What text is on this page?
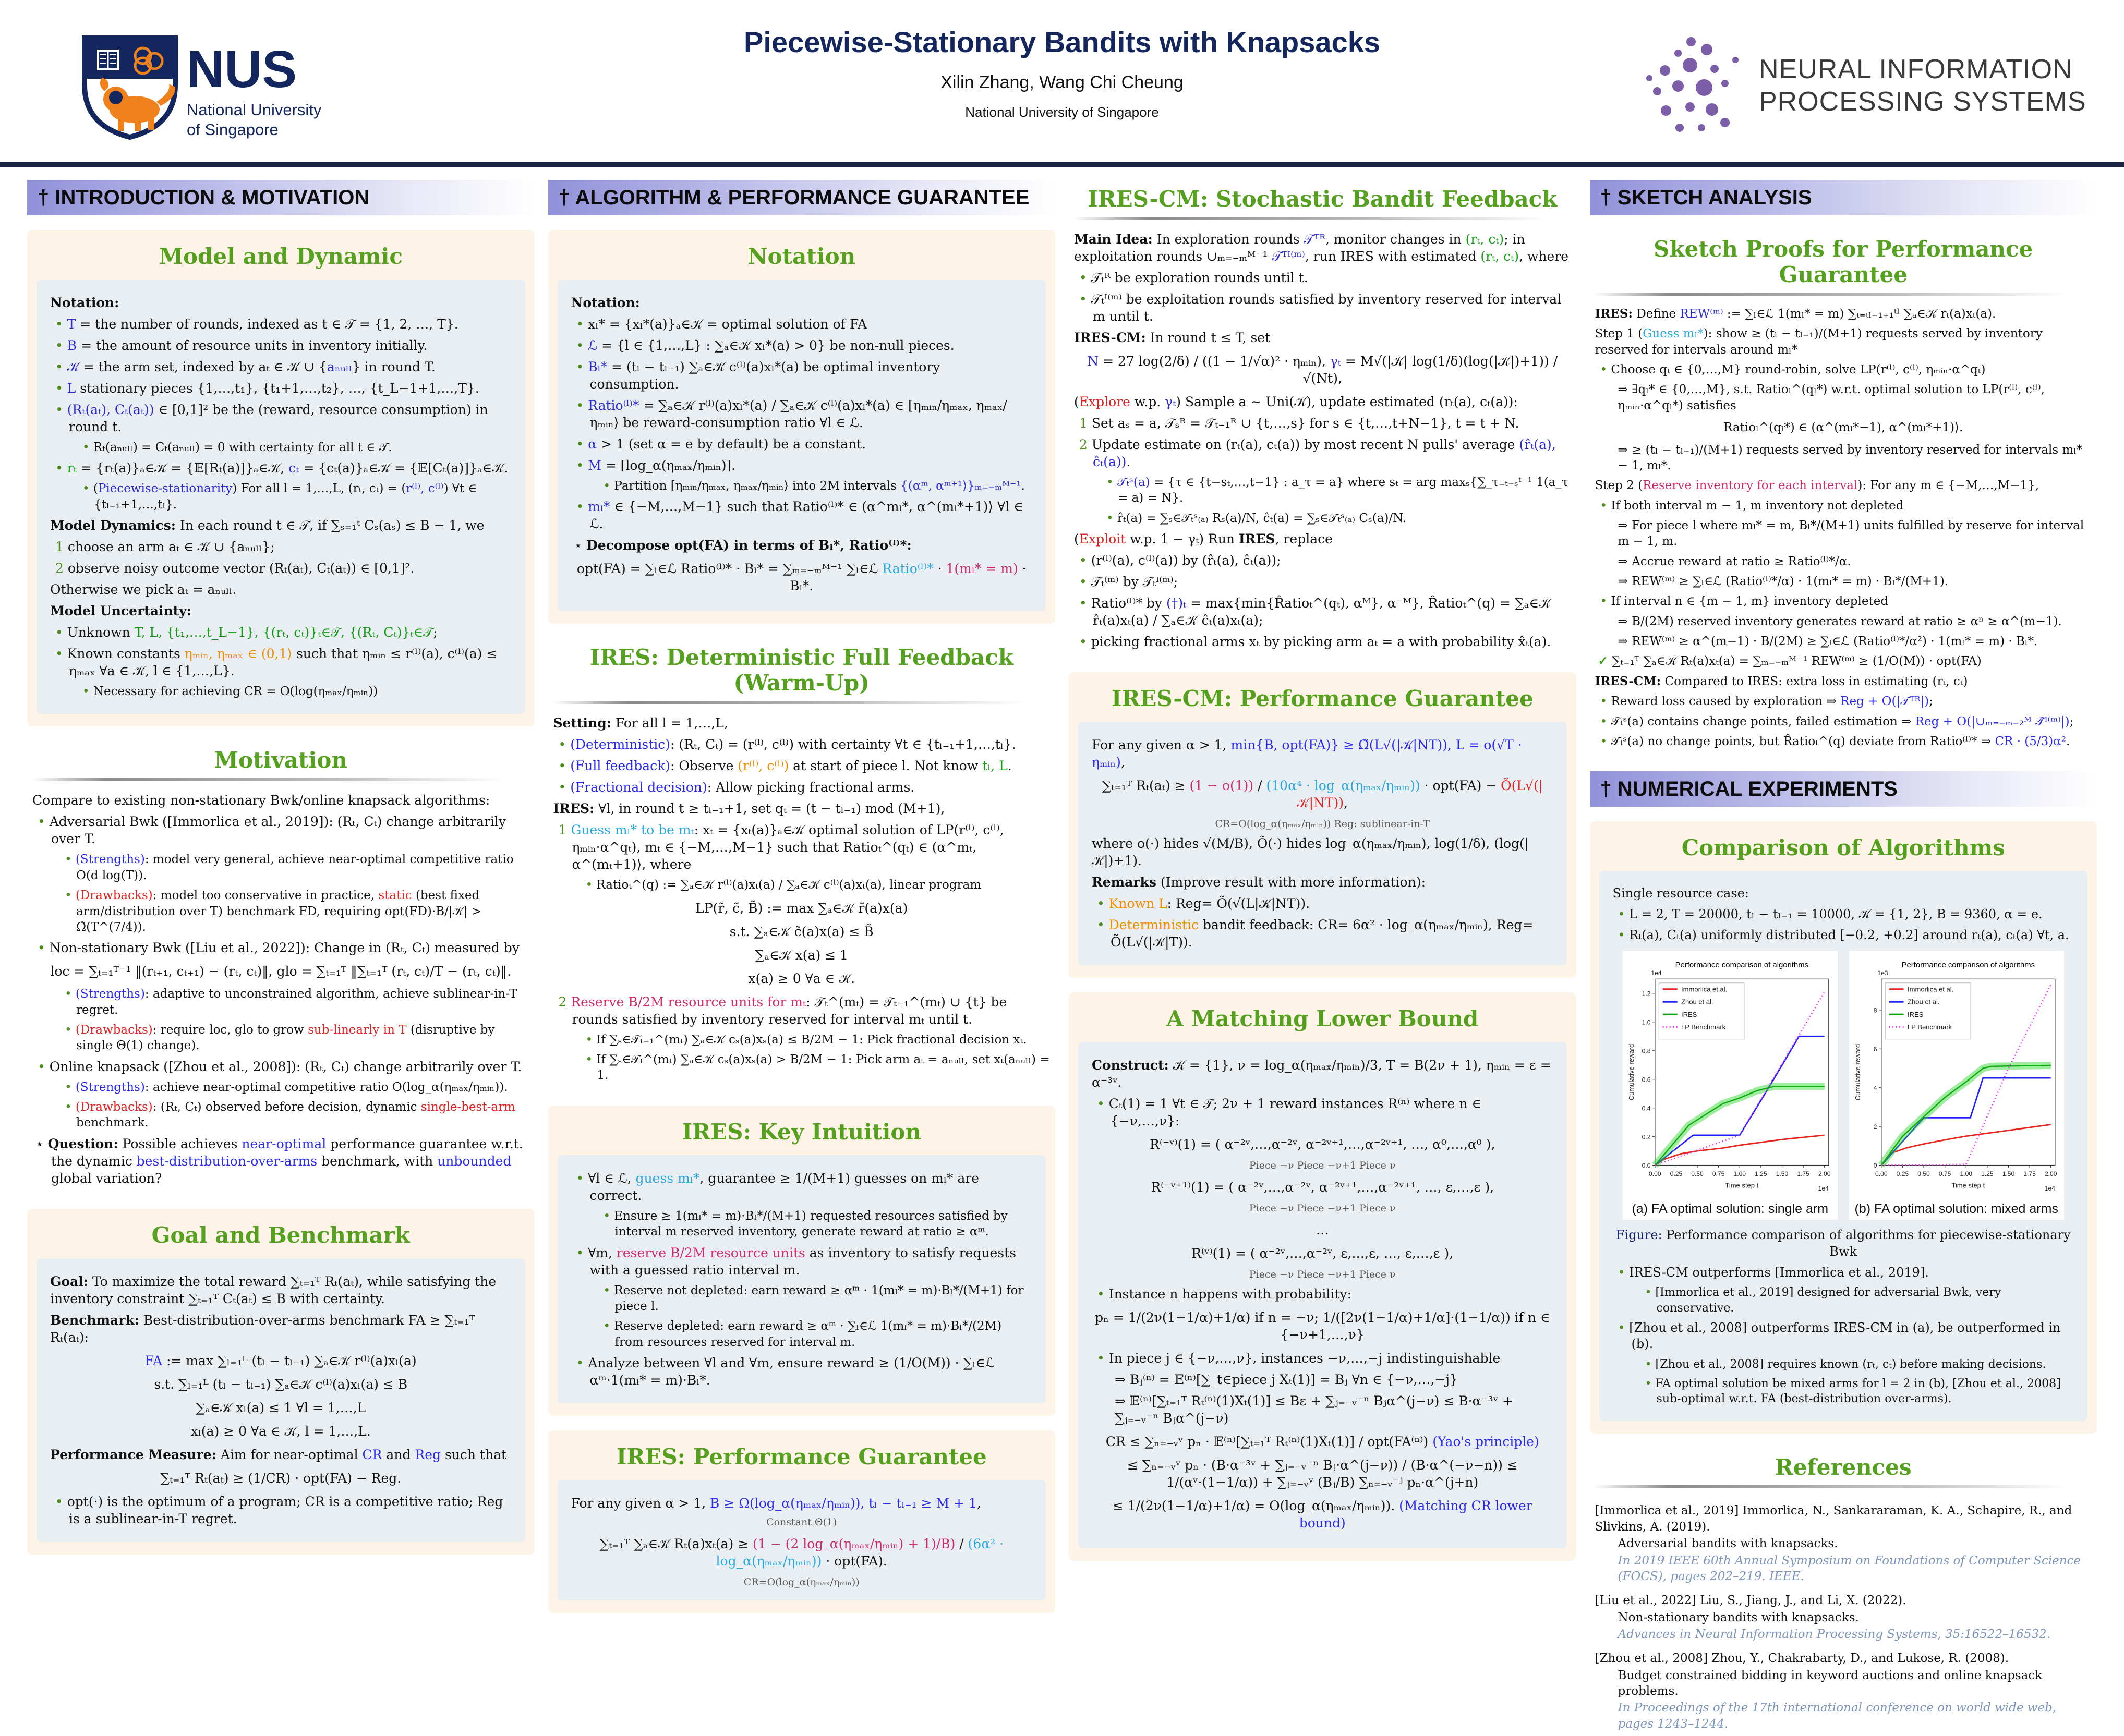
NUS
National University
of Singapore
Piecewise-Stationary Bandits with Knapsacks
Xilin Zhang, Wang Chi Cheung
National University of Singapore
NEURAL INFORMATION
PROCESSING SYSTEMS
† INTRODUCTION & MOTIVATION
Model and Dynamic
Notation:
• T = the number of rounds, indexed as t ∈ 𝒯 = {1, 2, …, T}.
• B = the amount of resource units in inventory initially.
• 𝒦 = the arm set, indexed by aₜ ∈ 𝒦 ∪ {aₙᵤₗₗ} in round T.
• L stationary pieces {1,…,t₁}, {t₁+1,…,t₂}, …, {t_L−1+1,…,T}.
• (Rₜ(aₜ), Cₜ(aₜ)) ∈ [0,1]² be the (reward, resource consumption) in round t.
• Rₜ(aₙᵤₗₗ) = Cₜ(aₙᵤₗₗ) = 0 with certainty for all t ∈ 𝒯.
• rₜ = {rₜ(a)}ₐ∈𝒦 = {𝔼[Rₜ(a)]}ₐ∈𝒦, cₜ = {cₜ(a)}ₐ∈𝒦 = {𝔼[Cₜ(a)]}ₐ∈𝒦.
• (Piecewise-stationarity) For all l = 1,…,L, (rₜ, cₜ) = (r⁽ˡ⁾, c⁽ˡ⁾) ∀t ∈ {tₗ₋₁+1,…,tₗ}.
Model Dynamics: In each round t ∈ 𝒯, if ∑ₛ₌₁ᵗ Cₛ(aₛ) ≤ B − 1, we
1 choose an arm aₜ ∈ 𝒦 ∪ {aₙᵤₗₗ};
2 observe noisy outcome vector (Rₜ(aₜ), Cₜ(aₜ)) ∈ [0,1]².
Otherwise we pick aₜ = aₙᵤₗₗ.
Model Uncertainty:
• Unknown T, L, {t₁,…,t_L−1}, {(rₜ, cₜ)}ₜ∈𝒯, {(Rₜ, Cₜ)}ₜ∈𝒯;
• Known constants ηₘᵢₙ, ηₘₐₓ ∈ (0,1⟩ such that ηₘᵢₙ ≤ r⁽ˡ⁾(a), c⁽ˡ⁾(a) ≤ ηₘₐₓ ∀a ∈ 𝒦, l ∈ {1,…,L}.
• Necessary for achieving CR = O(log(ηₘₐₓ/ηₘᵢₙ))
Motivation
Compare to existing non-stationary Bwk/online knapsack algorithms:
• Adversarial Bwk ([Immorlica et al., 2019]): (Rₜ, Cₜ) change arbitrarily over T.
• (Strengths): model very general, achieve near-optimal competitive ratio O(d log(T)).
• (Drawbacks): model too conservative in practice, static (best fixed arm/distribution over T) benchmark FD, requiring opt(FD)·B/|𝒦| > Ω̃(T^(7/4)).
• Non-stationary Bwk ([Liu et al., 2022]): Change in (Rₜ, Cₜ) measured by
loc = ∑ₜ₌₁ᵀ⁻¹ ‖(rₜ₊₁, cₜ₊₁) − (rₜ, cₜ)‖, glo = ∑ₜ₌₁ᵀ ‖∑ₜ₌₁ᵀ (rₜ, cₜ)/T − (rₜ, cₜ)‖.
• (Strengths): adaptive to unconstrained algorithm, achieve sublinear-in-T regret.
• (Drawbacks): require loc, glo to grow sub-linearly in T (disruptive by single Θ(1) change).
• Online knapsack ([Zhou et al., 2008]): (Rₜ, Cₜ) change arbitrarily over T.
• (Strengths): achieve near-optimal competitive ratio O(log_α(ηₘₐₓ/ηₘᵢₙ)).
• (Drawbacks): (Rₜ, Cₜ) observed before decision, dynamic single-best-arm benchmark.
⋆ Question: Possible achieves near-optimal performance guarantee w.r.t. the dynamic best-distribution-over-arms benchmark, with unbounded global variation?
Goal and Benchmark
Goal: To maximize the total reward ∑ₜ₌₁ᵀ Rₜ(aₜ), while satisfying the inventory constraint ∑ₜ₌₁ᵀ Cₜ(aₜ) ≤ B with certainty.
Benchmark: Best-distribution-over-arms benchmark FA ≥ ∑ₜ₌₁ᵀ Rₜ(aₜ):
FA := max ∑ₗ₌₁ᴸ (tₗ − tₗ₋₁) ∑ₐ∈𝒦 r⁽ˡ⁾(a)xₗ(a)
s.t. ∑ₗ₌₁ᴸ (tₗ − tₗ₋₁) ∑ₐ∈𝒦 c⁽ˡ⁾(a)xₗ(a) ≤ B
∑ₐ∈𝒦 xₗ(a) ≤ 1 ∀l = 1,…,L
xₗ(a) ≥ 0 ∀a ∈ 𝒦, l = 1,…,L.
Performance Measure: Aim for near-optimal CR and Reg such that
∑ₜ₌₁ᵀ Rₜ(aₜ) ≥ (1/CR) · opt(FA) − Reg.
• opt(·) is the optimum of a program; CR is a competitive ratio; Reg is a sublinear-in-T regret.
† ALGORITHM & PERFORMANCE GUARANTEE
Notation
Notation:
• xₗ* = {xₗ*(a)}ₐ∈𝒦 = optimal solution of FA
• ℒ = {l ∈ {1,…,L} : ∑ₐ∈𝒦 xₗ*(a) > 0} be non-null pieces.
• Bₗ* = (tₗ − tₗ₋₁) ∑ₐ∈𝒦 c⁽ˡ⁾(a)xₗ*(a) be optimal inventory consumption.
• Ratio⁽ˡ⁾* = ∑ₐ∈𝒦 r⁽ˡ⁾(a)xₗ*(a) / ∑ₐ∈𝒦 c⁽ˡ⁾(a)xₗ*(a) ∈ [ηₘᵢₙ/ηₘₐₓ, ηₘₐₓ/ηₘᵢₙ⟩ be reward-consumption ratio ∀l ∈ ℒ.
• α > 1 (set α = e by default) be a constant.
• M = ⌈log_α(ηₘₐₓ/ηₘᵢₙ)⌉.
• Partition [ηₘᵢₙ/ηₘₐₓ, ηₘₐₓ/ηₘᵢₙ⟩ into 2M intervals {(αᵐ, αᵐ⁺¹⟩}ₘ₌₋ₘᴹ⁻¹.
• mₗ* ∈ {−M,…,M−1} such that Ratio⁽ˡ⁾* ∈ (α^mₗ*, α^(mₗ*+1)⟩ ∀l ∈ ℒ.
⋆ Decompose opt(FA) in terms of Bₗ*, Ratio⁽ˡ⁾*:
opt(FA) = ∑ₗ∈ℒ Ratio⁽ˡ⁾* · Bₗ* = ∑ₘ₌₋ₘᴹ⁻¹ ∑ₗ∈ℒ Ratio⁽ˡ⁾* · 1(mₗ* = m) · Bₗ*.
IRES: Deterministic Full Feedback (Warm-Up)
Setting: For all l = 1,…,L,
• (Deterministic): (Rₜ, Cₜ) = (r⁽ˡ⁾, c⁽ˡ⁾) with certainty ∀t ∈ {tₗ₋₁+1,…,tₗ}.
• (Full feedback): Observe (r⁽ˡ⁾, c⁽ˡ⁾) at start of piece l. Not know tₗ, L.
• (Fractional decision): Allow picking fractional arms.
IRES: ∀l, in round t ≥ tₗ₋₁+1, set qₜ = (t − tₗ₋₁) mod (M+1),
1 Guess mₗ* to be mₜ: xₜ = {xₜ(a)}ₐ∈𝒦 optimal solution of LP(r⁽ˡ⁾, c⁽ˡ⁾, ηₘᵢₙ·α^qₜ), mₜ ∈ {−M,…,M−1} such that Ratioₜ^(qₜ) ∈ (α^mₜ, α^(mₜ+1)⟩, where
• Ratioₜ^(q) := ∑ₐ∈𝒦 r⁽ˡ⁾(a)xₜ(a) / ∑ₐ∈𝒦 c⁽ˡ⁾(a)xₜ(a), linear program
LP(r̃, c̃, B̃) := max ∑ₐ∈𝒦 r̃(a)x(a)
s.t. ∑ₐ∈𝒦 c̃(a)x(a) ≤ B̃
∑ₐ∈𝒦 x(a) ≤ 1
x(a) ≥ 0 ∀a ∈ 𝒦.
2 Reserve B/2M resource units for mₜ: 𝒯ₜ^(mₜ) = 𝒯ₜ₋₁^(mₜ) ∪ {t} be rounds satisfied by inventory reserved for interval mₜ until t.
• If ∑ₛ∈𝒯ₜ₋₁^(mₜ) ∑ₐ∈𝒦 cₛ(a)xₛ(a) ≤ B/2M − 1: Pick fractional decision xₜ.
• If ∑ₛ∈𝒯ₜ^(mₜ) ∑ₐ∈𝒦 cₛ(a)xₛ(a) > B/2M − 1: Pick arm aₜ = aₙᵤₗₗ, set xₜ(aₙᵤₗₗ) = 1.
IRES: Key Intuition
• ∀l ∈ ℒ, guess mₗ*, guarantee ≥ 1/(M+1) guesses on mₗ* are correct.
• Ensure ≥ 1(mₗ* = m)·Bₗ*/(M+1) requested resources satisfied by interval m reserved inventory, generate reward at ratio ≥ αᵐ.
• ∀m, reserve B/2M resource units as inventory to satisfy requests with a guessed ratio interval m.
• Reserve not depleted: earn reward ≥ αᵐ · 1(mₗ* = m)·Bₗ*/(M+1) for piece l.
• Reserve depleted: earn reward ≥ αᵐ · ∑ₗ∈ℒ 1(mₗ* = m)·Bₗ*/(2M) from resources reserved for interval m.
• Analyze between ∀l and ∀m, ensure reward ≥ (1/O(M)) · ∑ₗ∈ℒ αᵐ·1(mₗ* = m)·Bₗ*.
IRES: Performance Guarantee
For any given α > 1, B ≥ Ω(log_α(ηₘₐₓ/ηₘᵢₙ)), tₗ − tₗ₋₁ ≥ M + 1,
Constant Θ(1)
∑ₜ₌₁ᵀ ∑ₐ∈𝒦 Rₜ(a)xₜ(a) ≥ (1 − (2 log_α(ηₘₐₓ/ηₘᵢₙ) + 1)/B) / (6α² · log_α(ηₘₐₓ/ηₘᵢₙ)) · opt(FA).
CR=O(log_α(ηₘₐₓ/ηₘᵢₙ))
IRES-CM: Stochastic Bandit Feedback
Main Idea: In exploration rounds 𝒯ᵀᴿ, monitor changes in (rₜ, cₜ); in exploitation rounds ∪ₘ₌₋ₘᴹ⁻¹ 𝒯ᵀᴵ⁽ᵐ⁾, run IRES with estimated (rₜ, cₜ), where
• 𝒯ₜᴿ be exploration rounds until t.
• 𝒯ₜᴵ⁽ᵐ⁾ be exploitation rounds satisfied by inventory reserved for interval m until t.
IRES-CM: In round t ≤ T, set
N = 27 log(2/δ) / ((1 − 1/√α)² · ηₘᵢₙ), γₜ = M√(|𝒦| log(1/δ)(log(|𝒦|)+1)) / √(Nt),
(Explore w.p. γₜ) Sample a ∼ Uni(𝒦), update estimated (rₜ(a), cₜ(a)):
1 Set aₛ = a, 𝒯ₛᴿ = 𝒯ₜ₋₁ᴿ ∪ {t,…,s} for s ∈ {t,…,t+N−1}, t = t + N.
2 Update estimate on (rₜ(a), cₜ(a)) by most recent N pulls' average (r̂ₜ(a), ĉₜ(a)).
• 𝒯ₜˢ(a) = {τ ∈ {t−sₜ,…,t−1} : a_τ = a} where sₜ = arg maxₛ{∑_τ₌ₜ₋ₛᵗ⁻¹ 1(a_τ = a) = N}.
• r̂ₜ(a) = ∑ₛ∈𝒯ₜˢ₍ₐ₎ Rₛ(a)/N, ĉₜ(a) = ∑ₛ∈𝒯ₜˢ₍ₐ₎ Cₛ(a)/N.
(Exploit w.p. 1 − γₜ) Run IRES, replace
• (r⁽ˡ⁾(a), c⁽ˡ⁾(a)) by (r̂ₜ(a), ĉₜ(a));
• 𝒯ₜ⁽ᵐ⁾ by 𝒯ₜᴵ⁽ᵐ⁾;
• Ratio⁽ˡ⁾* by (†)ₜ = max{min{R̂atioₜ^(qₜ), αᴹ}, α⁻ᴹ}, R̂atioₜ^(q) = ∑ₐ∈𝒦 r̂ₜ(a)xₜ(a) / ∑ₐ∈𝒦 ĉₜ(a)xₜ(a);
• picking fractional arms xₜ by picking arm aₜ = a with probability x̂ₜ(a).
IRES-CM: Performance Guarantee
For any given α > 1, min{B, opt(FA)} ≥ Ω̃(L√(|𝒦|NT)), L = o(√T · ηₘᵢₙ),
∑ₜ₌₁ᵀ Rₜ(aₜ) ≥ (1 − o(1)) / (10α⁴ · log_α(ηₘₐₓ/ηₘᵢₙ)) · opt(FA) − Õ(L√(|𝒦|NT)),
CR=O(log_α(ηₘₐₓ/ηₘᵢₙ)) Reg: sublinear-in-T
where o(·) hides √(M/B), Õ(·) hides log_α(ηₘₐₓ/ηₘᵢₙ), log(1/δ), (log(|𝒦|)+1).
Remarks (Improve result with more information):
• Known L: Reg= Õ(√(L|𝒦|NT)).
• Deterministic bandit feedback: CR= 6α² · log_α(ηₘₐₓ/ηₘᵢₙ), Reg= Õ(L√(|𝒦|T)).
A Matching Lower Bound
Construct: 𝒦 = {1}, ν = log_α(ηₘₐₓ/ηₘᵢₙ)/3, T = B(2ν + 1), ηₘᵢₙ = ε = α⁻³ᵛ.
• Cₜ(1) = 1 ∀t ∈ 𝒯; 2ν + 1 reward instances R⁽ⁿ⁾ where n ∈ {−ν,…,ν}:
R⁽⁻ᵛ⁾(1) = ( α⁻²ᵛ,…,α⁻²ᵛ, α⁻²ᵛ⁺¹,…,α⁻²ᵛ⁺¹, …, α⁰,…,α⁰ ),
Piece −ν Piece −ν+1 Piece ν
R⁽⁻ᵛ⁺¹⁾(1) = ( α⁻²ᵛ,…,α⁻²ᵛ, α⁻²ᵛ⁺¹,…,α⁻²ᵛ⁺¹, …, ε,…,ε ),
Piece −ν Piece −ν+1 Piece ν
…
R⁽ᵛ⁾(1) = ( α⁻²ᵛ,…,α⁻²ᵛ, ε,…,ε, …, ε,…,ε ),
Piece −ν Piece −ν+1 Piece ν
• Instance n happens with probability:
pₙ = 1/(2ν(1−1/α)+1/α) if n = −ν; 1/([2ν(1−1/α)+1/α]·(1−1/α)) if n ∈ {−ν+1,…,ν}
• In piece j ∈ {−ν,…,ν}, instances −ν,…,−j indistinguishable
⇒ Bⱼ⁽ⁿ⁾ = 𝔼⁽ⁿ⁾[∑_t∈piece j Xₜ(1)] = Bⱼ ∀n ∈ {−ν,…,−j}
⇒ 𝔼⁽ⁿ⁾[∑ₜ₌₁ᵀ Rₜ⁽ⁿ⁾(1)Xₜ(1)] ≤ Bε + ∑ⱼ₌₋ᵥ⁻ⁿ Bⱼα^(j−ν) ≤ B·α⁻³ᵛ + ∑ⱼ₌₋ᵥ⁻ⁿ Bⱼα^(j−ν)
CR ≤ ∑ₙ₌₋ᵥᵛ pₙ · 𝔼⁽ⁿ⁾[∑ₜ₌₁ᵀ Rₜ⁽ⁿ⁾(1)Xₜ(1)] / opt(FA⁽ⁿ⁾) (Yao's principle)
≤ ∑ₙ₌₋ᵥᵛ pₙ · (B·α⁻³ᵛ + ∑ⱼ₌₋ᵥ⁻ⁿ Bⱼ·α^(j−ν)) / (B·α^(−ν−n)) ≤ 1/(αᵛ·(1−1/α)) + ∑ⱼ₌₋ᵥᵛ (Bⱼ/B) ∑ₙ₌₋ᵥ⁻ʲ pₙ·α^(j+n)
≤ 1/(2ν(1−1/α)+1/α) = O(log_α(ηₘₐₓ/ηₘᵢₙ)). (Matching CR lower bound)
† SKETCH ANALYSIS
Sketch Proofs for Performance Guarantee
IRES: Define REW⁽ᵐ⁾ := ∑ₗ∈ℒ 1(mₗ* = m) ∑ₜ₌ₜₗ₋₁₊₁ᵗˡ ∑ₐ∈𝒦 rₜ(a)xₜ(a).
Step 1 (Guess mₗ*): show ≥ (tₗ − tₗ₋₁)/(M+1) requests served by inventory reserved for intervals around mₗ*
• Choose qₜ ∈ {0,…,M} round-robin, solve LP(r⁽ˡ⁾, c⁽ˡ⁾, ηₘᵢₙ·α^qₜ)
⇒ ∃qₗ* ∈ {0,…,M}, s.t. Ratioₗ^(qₗ*) w.r.t. optimal solution to LP(r⁽ˡ⁾, c⁽ˡ⁾, ηₘᵢₙ·α^qₗ*) satisfies
Ratioₗ^(qₗ*) ∈ (α^(mₗ*−1), α^(mₗ*+1)⟩.
⇒ ≥ (tₗ − tₗ₋₁)/(M+1) requests served by inventory reserved for intervals mₗ* − 1, mₗ*.
Step 2 (Reserve inventory for each interval): For any m ∈ {−M,…,M−1},
• If both interval m − 1, m inventory not depleted
⇒ For piece l where mₗ* = m, Bₗ*/(M+1) units fulfilled by reserve for interval m − 1, m.
⇒ Accrue reward at ratio ≥ Ratio⁽ˡ⁾*/α.
⇒ REW⁽ᵐ⁾ ≥ ∑ₗ∈ℒ (Ratio⁽ˡ⁾*/α) · 1(mₗ* = m) · Bₗ*/(M+1).
• If interval n ∈ {m − 1, m} inventory depleted
⇒ B/(2M) reserved inventory generates reward at ratio ≥ αⁿ ≥ α^(m−1).
⇒ REW⁽ᵐ⁾ ≥ α^(m−1) · B/(2M) ≥ ∑ₗ∈ℒ (Ratio⁽ˡ⁾*/α²) · 1(mₗ* = m) · Bₗ*.
✓ ∑ₜ₌₁ᵀ ∑ₐ∈𝒦 Rₜ(a)xₜ(a) = ∑ₘ₌₋ₘᴹ⁻¹ REW⁽ᵐ⁾ ≥ (1/O(M)) · opt(FA)
IRES-CM: Compared to IRES: extra loss in estimating (rₜ, cₜ)
• Reward loss caused by exploration ⇒ Reg + O(|𝒯ᵀᴿ|);
• 𝒯ₜˢ(a) contains change points, failed estimation ⇒ Reg + O(|∪ₘ₌₋ₘ₋₂ᴹ 𝒯̂ᴵ⁽ᵐ⁾|);
• 𝒯ₜˢ(a) no change points, but R̂atioₜ^(q) deviate from Ratio⁽ˡ⁾* ⇒ CR · (5/3)α².
† NUMERICAL EXPERIMENTS
Comparison of Algorithms
Single resource case:
• L = 2, T = 20000, tₗ − tₗ₋₁ = 10000, 𝒦 = {1, 2}, B = 9360, α = e.
• Rₜ(a), Cₜ(a) uniformly distributed [−0.2, +0.2] around rₜ(a), cₜ(a) ∀t, a.
Performance comparison of algorithms
1e4
1e4
0.00 0.25 0.50 0.75 1.00 1.25 1.50 1.75 2.00
0.0
0.2
0.4
0.6
0.8
1.0
1.2
Time step t
Cumulative reward
Immorlica et al.
Zhou et al.
IRES
LP Benchmark
(a) FA optimal solution: single arm
Performance comparison of algorithms
1e3
1e4
0.00 0.25 0.50 0.75 1.00 1.25 1.50 1.75 2.00
0
2
4
6
8
Time step t
Cumulative reward
Immorlica et al.
Zhou et al.
IRES
LP Benchmark
(b) FA optimal solution: mixed arms
Figure: Performance comparison of algorithms for piecewise-stationary Bwk
• IRES-CM outperforms [Immorlica et al., 2019].
• [Immorlica et al., 2019] designed for adversarial Bwk, very conservative.
• [Zhou et al., 2008] outperforms IRES-CM in (a), be outperformed in (b).
• [Zhou et al., 2008] requires known (rₜ, cₜ) before making decisions.
• FA optimal solution be mixed arms for l = 2 in (b), [Zhou et al., 2008] sub-optimal w.r.t. FA (best-distribution over-arms).
References
[Immorlica et al., 2019] Immorlica, N., Sankararaman, K. A., Schapire, R., and Slivkins, A. (2019).
Adversarial bandits with knapsacks.
In 2019 IEEE 60th Annual Symposium on Foundations of Computer Science (FOCS), pages 202–219. IEEE.
[Liu et al., 2022] Liu, S., Jiang, J., and Li, X. (2022).
Non-stationary bandits with knapsacks.
Advances in Neural Information Processing Systems, 35:16522–16532.
[Zhou et al., 2008] Zhou, Y., Chakrabarty, D., and Lukose, R. (2008).
Budget constrained bidding in keyword auctions and online knapsack problems.
In Proceedings of the 17th international conference on world wide web, pages 1243–1244.
